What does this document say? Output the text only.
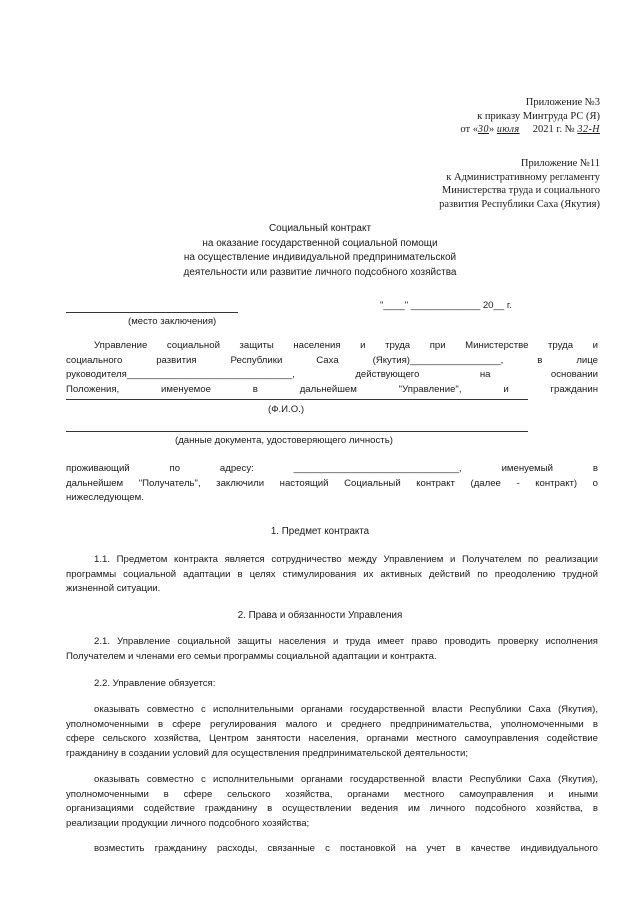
Приложение №3
к приказу Минтруда РС (Я)
от «30» июля 2021 г. № 32-Н
Приложение №11
к Административному регламенту
Министерства труда и социального
развития Республики Саха (Якутия)
Социальный контракт
на оказание государственной социальной помощи
на осуществление индивидуальной предпринимательской
деятельности или развитие личного подсобного хозяйства
(место заключения)
"____" _____________ 20__ г.
Управление социальной защиты населения и труда при Министерстве труда и
социального развития Республики Саха (Якутия)_________________, в лице
руководителя_______________________________, действующего на основании
Положения, именуемое в дальнейшем "Управление", и гражданин
(Ф.И.О.)
(данные документа, удостоверяющего личность)
проживающий по адресу: _______________________________, именуемый в
дальнейшем "Получатель", заключили настоящий Социальный контракт (далее - контракт) о
нижеследующем.
1. Предмет контракта
1.1. Предметом контракта является сотрудничество между Управлением и Получателем по реализации
программы социальной адаптации в целях стимулирования их активных действий по преодолению трудной
жизненной ситуации.
2. Права и обязанности Управления
2.1. Управление социальной защиты населения и труда имеет право проводить проверку исполнения
Получателем и членами его семьи программы социальной адаптации и контракта.
2.2. Управление обязуется:
оказывать совместно с исполнительными органами государственной власти Республики Саха (Якутия),
уполномоченными в сфере регулирования малого и среднего предпринимательства, уполномоченными в
сфере сельского хозяйства, Центром занятости населения, органами местного самоуправления содействие
гражданину в создании условий для осуществления предпринимательской деятельности;
оказывать совместно с исполнительными органами государственной власти Республики Саха (Якутия),
уполномоченными в сфере сельского хозяйства, органами местного самоуправления и иными
организациями содействие гражданину в осуществлении ведения им личного подсобного хозяйства, в
реализации продукции личного подсобного хозяйства;
возместить гражданину расходы, связанные с постановкой на учет в качестве индивидуального
